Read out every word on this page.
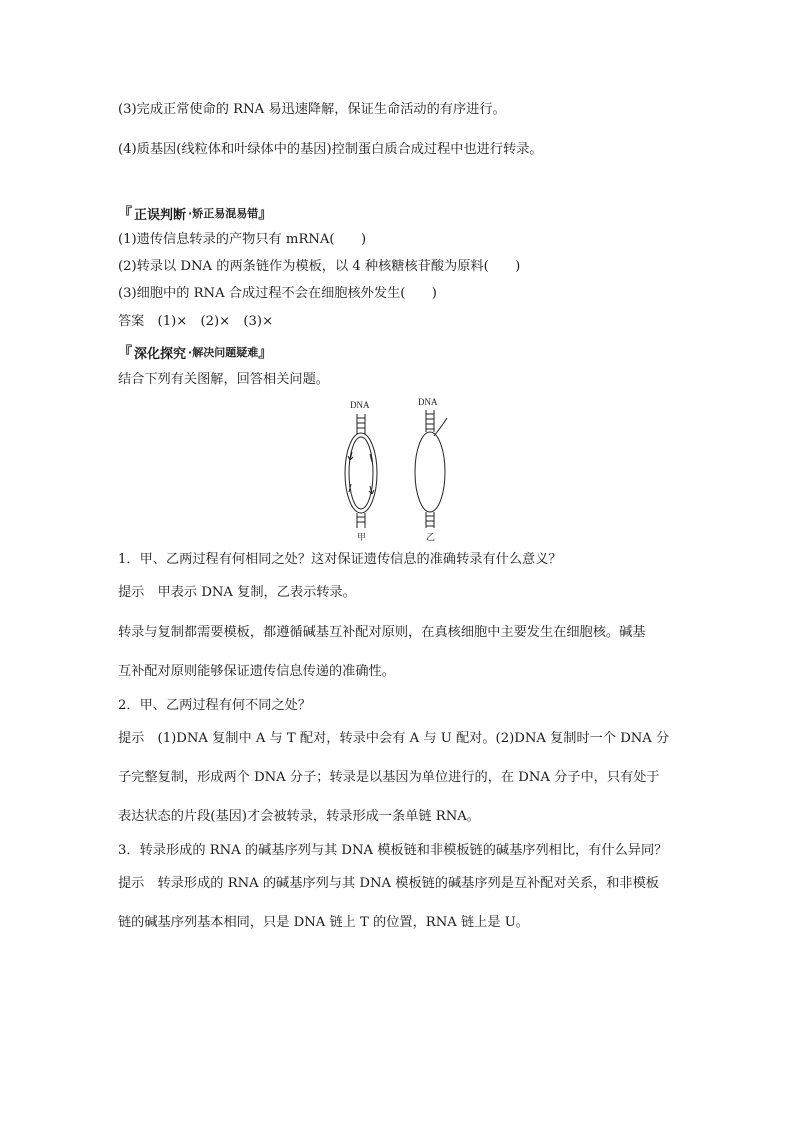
(3)完成正常使命的 RNA 易迅速降解，保证生命活动的有序进行。
(4)质基因(线粒体和叶绿体中的基因)控制蛋白质合成过程中也进行转录。
『 正误判断 ·矫正易混易错 』
(1)遗传信息转录的产物只有 mRNA(　　)
(2)转录以 DNA 的两条链作为模板，以 4 种核糖核苷酸为原料(　　)
(3)细胞中的 RNA 合成过程不会在细胞核外发生(　　)
答案　(1)×　(2)×　(3)×
『 深化探究 ·解决问题疑难 』
结合下列有关图解，回答相关问题。
DNA	DNA
甲	乙
1．甲、乙两过程有何相同之处？这对保证遗传信息的准确转录有什么意义？
提示　甲表示 DNA 复制，乙表示转录。
转录与复制都需要模板，都遵循碱基互补配对原则，在真核细胞中主要发生在细胞核。碱基
互补配对原则能够保证遗传信息传递的准确性。
2．甲、乙两过程有何不同之处？
提示　(1)DNA 复制中 A 与 T 配对，转录中会有 A 与 U 配对。(2)DNA 复制时一个 DNA 分
子完整复制，形成两个 DNA 分子；转录是以基因为单位进行的，在 DNA 分子中，只有处于
表达状态的片段(基因)才会被转录，转录形成一条单链 RNA。
3．转录形成的 RNA 的碱基序列与其 DNA 模板链和非模板链的碱基序列相比，有什么异同？
提示　转录形成的 RNA 的碱基序列与其 DNA 模板链的碱基序列是互补配对关系，和非模板
链的碱基序列基本相同，只是 DNA 链上 T 的位置，RNA 链上是 U。
